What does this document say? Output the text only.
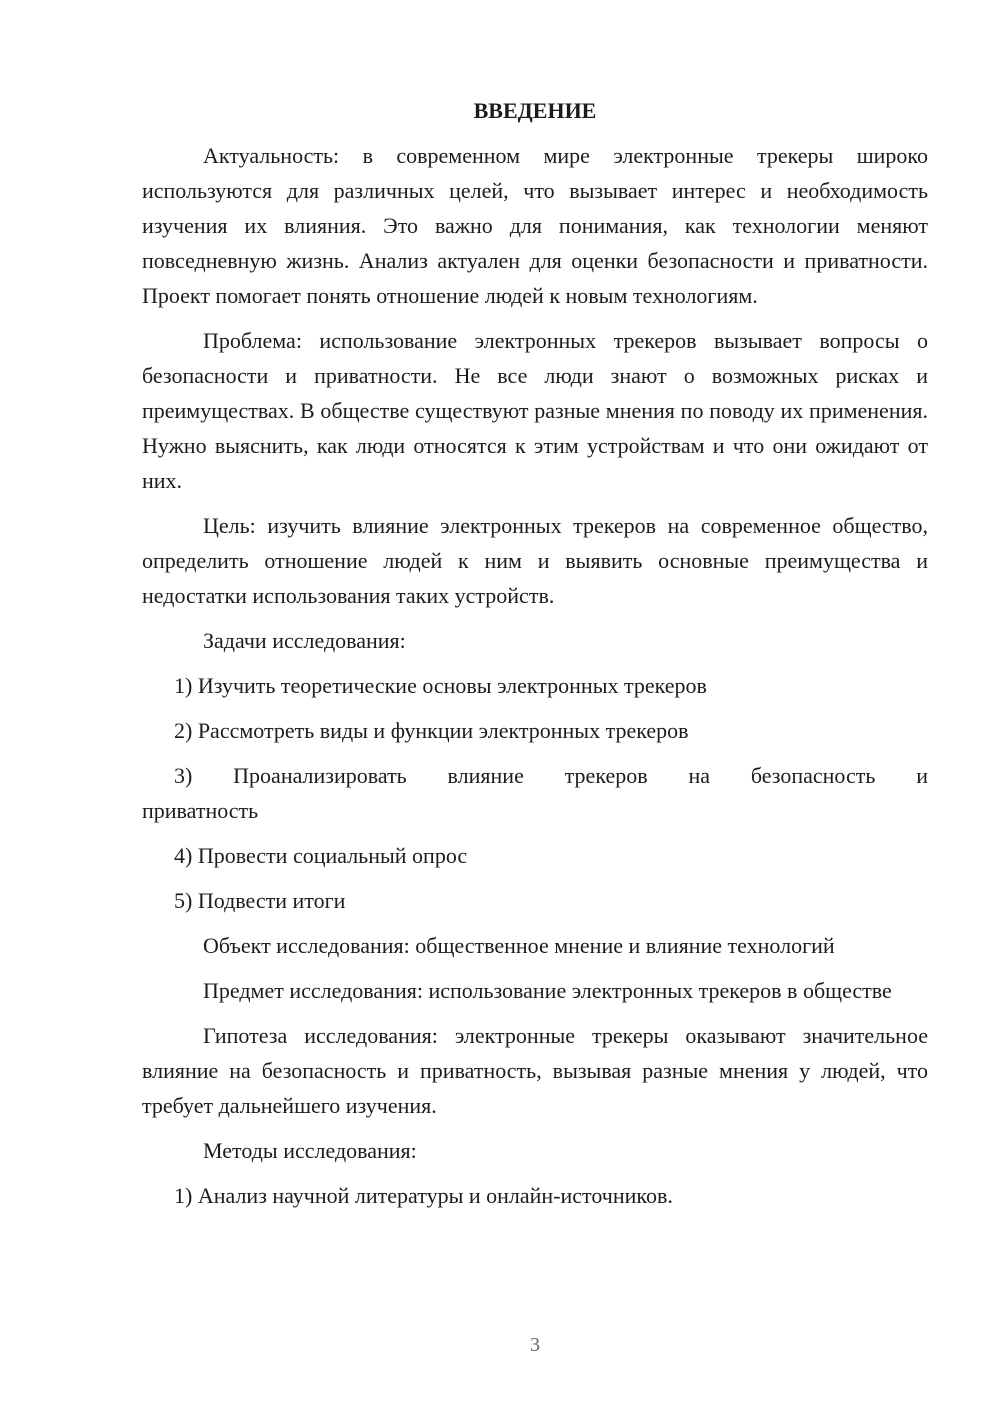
ВВЕДЕНИЕ

Актуальность: в современном мире электронные трекеры широко используются для различных целей, что вызывает интерес и необходимость изучения их влияния. Это важно для понимания, как технологии меняют повседневную жизнь. Анализ актуален для оценки безопасности и приватности. Проект помогает понять отношение людей к новым технологиям.

Проблема: использование электронных трекеров вызывает вопросы о безопасности и приватности. Не все люди знают о возможных рисках и преимуществах. В обществе существуют разные мнения по поводу их применения. Нужно выяснить, как люди относятся к этим устройствам и что они ожидают от них.

Цель: изучить влияние электронных трекеров на современное общество, определить отношение людей к ним и выявить основные преимущества и недостатки использования таких устройств.

Задачи исследования:

1) Изучить теоретические основы электронных трекеров

2) Рассмотреть виды и функции электронных трекеров

3) Проанализировать влияние трекеров на безопасность и приватность

4) Провести социальный опрос

5) Подвести итоги

Объект исследования: общественное мнение и влияние технологий

Предмет исследования: использование электронных трекеров в обществе

Гипотеза исследования: электронные трекеры оказывают значительное влияние на безопасность и приватность, вызывая разные мнения у людей, что требует дальнейшего изучения.

Методы исследования:

1) Анализ научной литературы и онлайн-источников.

3
